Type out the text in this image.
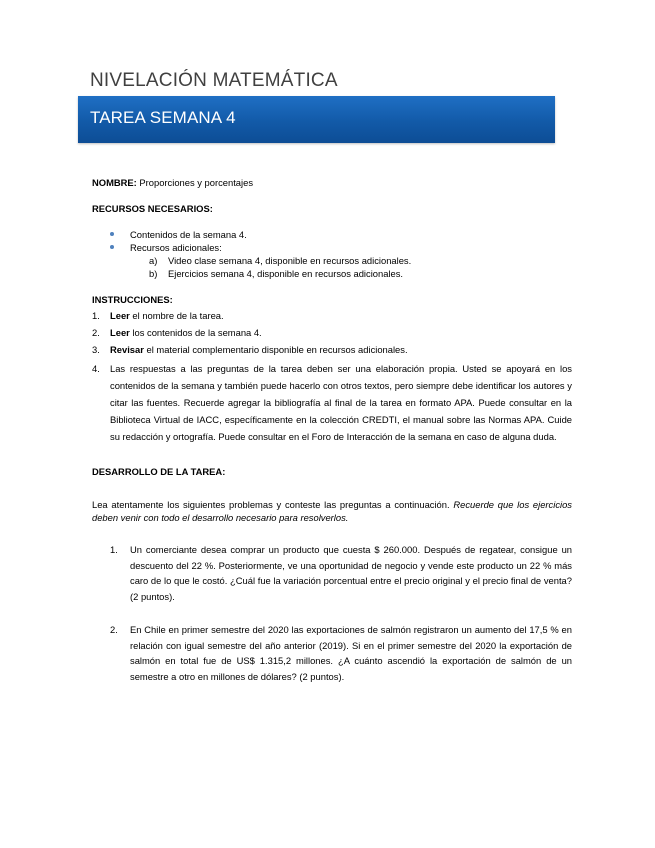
NIVELACIÓN MATEMÁTICA
TAREA SEMANA 4
NOMBRE: Proporciones y porcentajes
RECURSOS NECESARIOS:
Contenidos de la semana 4.
Recursos adicionales:
a) Video clase semana 4, disponible en recursos adicionales.
b) Ejercicios semana 4, disponible en recursos adicionales.
INSTRUCCIONES:
1. Leer el nombre de la tarea.
2. Leer los contenidos de la semana 4.
3. Revisar el material complementario disponible en recursos adicionales.
4. Las respuestas a las preguntas de la tarea deben ser una elaboración propia. Usted se apoyará en los contenidos de la semana y también puede hacerlo con otros textos, pero siempre debe identificar los autores y citar las fuentes. Recuerde agregar la bibliografía al final de la tarea en formato APA. Puede consultar en la Biblioteca Virtual de IACC, específicamente en la colección CREDTI, el manual sobre las Normas APA. Cuide su redacción y ortografía. Puede consultar en el Foro de Interacción de la semana en caso de alguna duda.
DESARROLLO DE LA TAREA:
Lea atentamente los siguientes problemas y conteste las preguntas a continuación. Recuerde que los ejercicios deben venir con todo el desarrollo necesario para resolverlos.
1. Un comerciante desea comprar un producto que cuesta $ 260.000. Después de regatear, consigue un descuento del 22 %. Posteriormente, ve una oportunidad de negocio y vende este producto un 22 % más caro de lo que le costó. ¿Cuál fue la variación porcentual entre el precio original y el precio final de venta? (2 puntos).
2. En Chile en primer semestre del 2020 las exportaciones de salmón registraron un aumento del 17,5 % en relación con igual semestre del año anterior (2019). Si en el primer semestre del 2020 la exportación de salmón en total fue de US$ 1.315,2 millones. ¿A cuánto ascendió la exportación de salmón de un semestre a otro en millones de dólares? (2 puntos).
